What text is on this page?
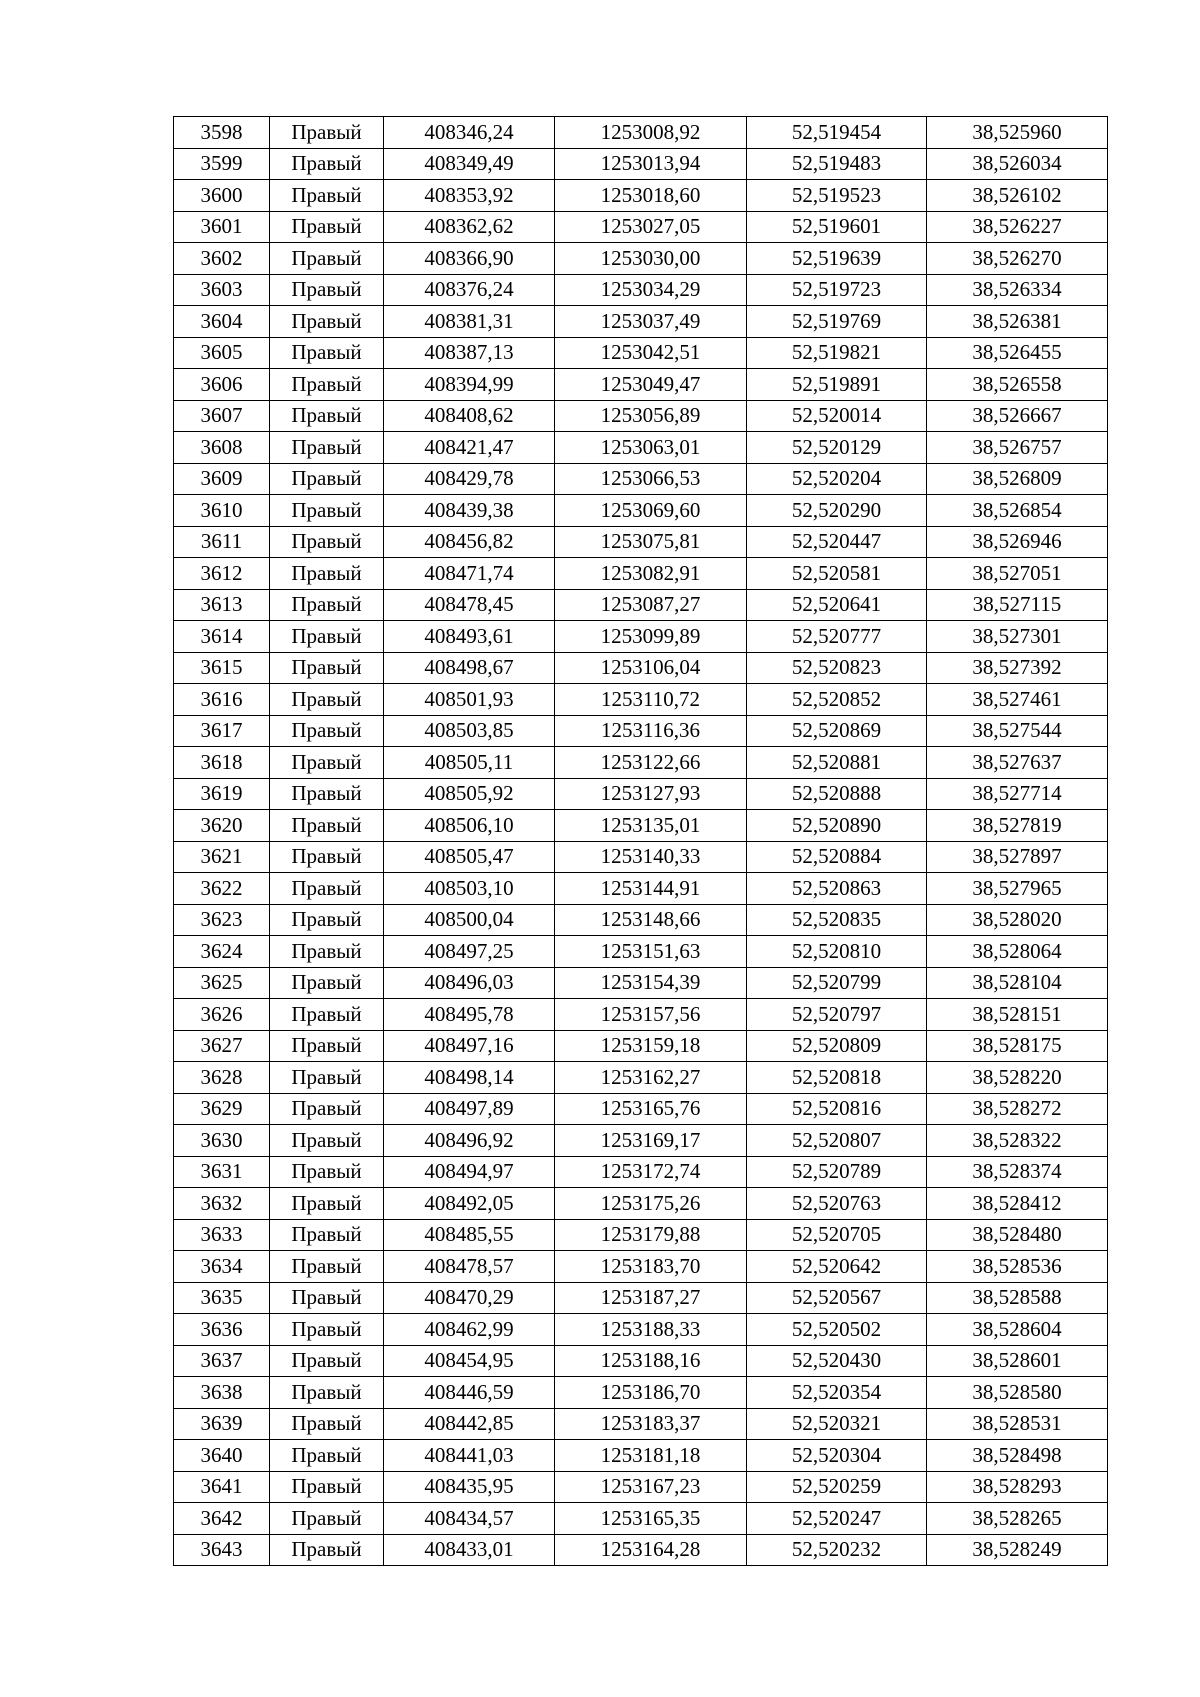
3598	Правый	408346,24	1253008,92	52,519454	38,525960
3599	Правый	408349,49	1253013,94	52,519483	38,526034
3600	Правый	408353,92	1253018,60	52,519523	38,526102
3601	Правый	408362,62	1253027,05	52,519601	38,526227
3602	Правый	408366,90	1253030,00	52,519639	38,526270
3603	Правый	408376,24	1253034,29	52,519723	38,526334
3604	Правый	408381,31	1253037,49	52,519769	38,526381
3605	Правый	408387,13	1253042,51	52,519821	38,526455
3606	Правый	408394,99	1253049,47	52,519891	38,526558
3607	Правый	408408,62	1253056,89	52,520014	38,526667
3608	Правый	408421,47	1253063,01	52,520129	38,526757
3609	Правый	408429,78	1253066,53	52,520204	38,526809
3610	Правый	408439,38	1253069,60	52,520290	38,526854
3611	Правый	408456,82	1253075,81	52,520447	38,526946
3612	Правый	408471,74	1253082,91	52,520581	38,527051
3613	Правый	408478,45	1253087,27	52,520641	38,527115
3614	Правый	408493,61	1253099,89	52,520777	38,527301
3615	Правый	408498,67	1253106,04	52,520823	38,527392
3616	Правый	408501,93	1253110,72	52,520852	38,527461
3617	Правый	408503,85	1253116,36	52,520869	38,527544
3618	Правый	408505,11	1253122,66	52,520881	38,527637
3619	Правый	408505,92	1253127,93	52,520888	38,527714
3620	Правый	408506,10	1253135,01	52,520890	38,527819
3621	Правый	408505,47	1253140,33	52,520884	38,527897
3622	Правый	408503,10	1253144,91	52,520863	38,527965
3623	Правый	408500,04	1253148,66	52,520835	38,528020
3624	Правый	408497,25	1253151,63	52,520810	38,528064
3625	Правый	408496,03	1253154,39	52,520799	38,528104
3626	Правый	408495,78	1253157,56	52,520797	38,528151
3627	Правый	408497,16	1253159,18	52,520809	38,528175
3628	Правый	408498,14	1253162,27	52,520818	38,528220
3629	Правый	408497,89	1253165,76	52,520816	38,528272
3630	Правый	408496,92	1253169,17	52,520807	38,528322
3631	Правый	408494,97	1253172,74	52,520789	38,528374
3632	Правый	408492,05	1253175,26	52,520763	38,528412
3633	Правый	408485,55	1253179,88	52,520705	38,528480
3634	Правый	408478,57	1253183,70	52,520642	38,528536
3635	Правый	408470,29	1253187,27	52,520567	38,528588
3636	Правый	408462,99	1253188,33	52,520502	38,528604
3637	Правый	408454,95	1253188,16	52,520430	38,528601
3638	Правый	408446,59	1253186,70	52,520354	38,528580
3639	Правый	408442,85	1253183,37	52,520321	38,528531
3640	Правый	408441,03	1253181,18	52,520304	38,528498
3641	Правый	408435,95	1253167,23	52,520259	38,528293
3642	Правый	408434,57	1253165,35	52,520247	38,528265
3643	Правый	408433,01	1253164,28	52,520232	38,528249
